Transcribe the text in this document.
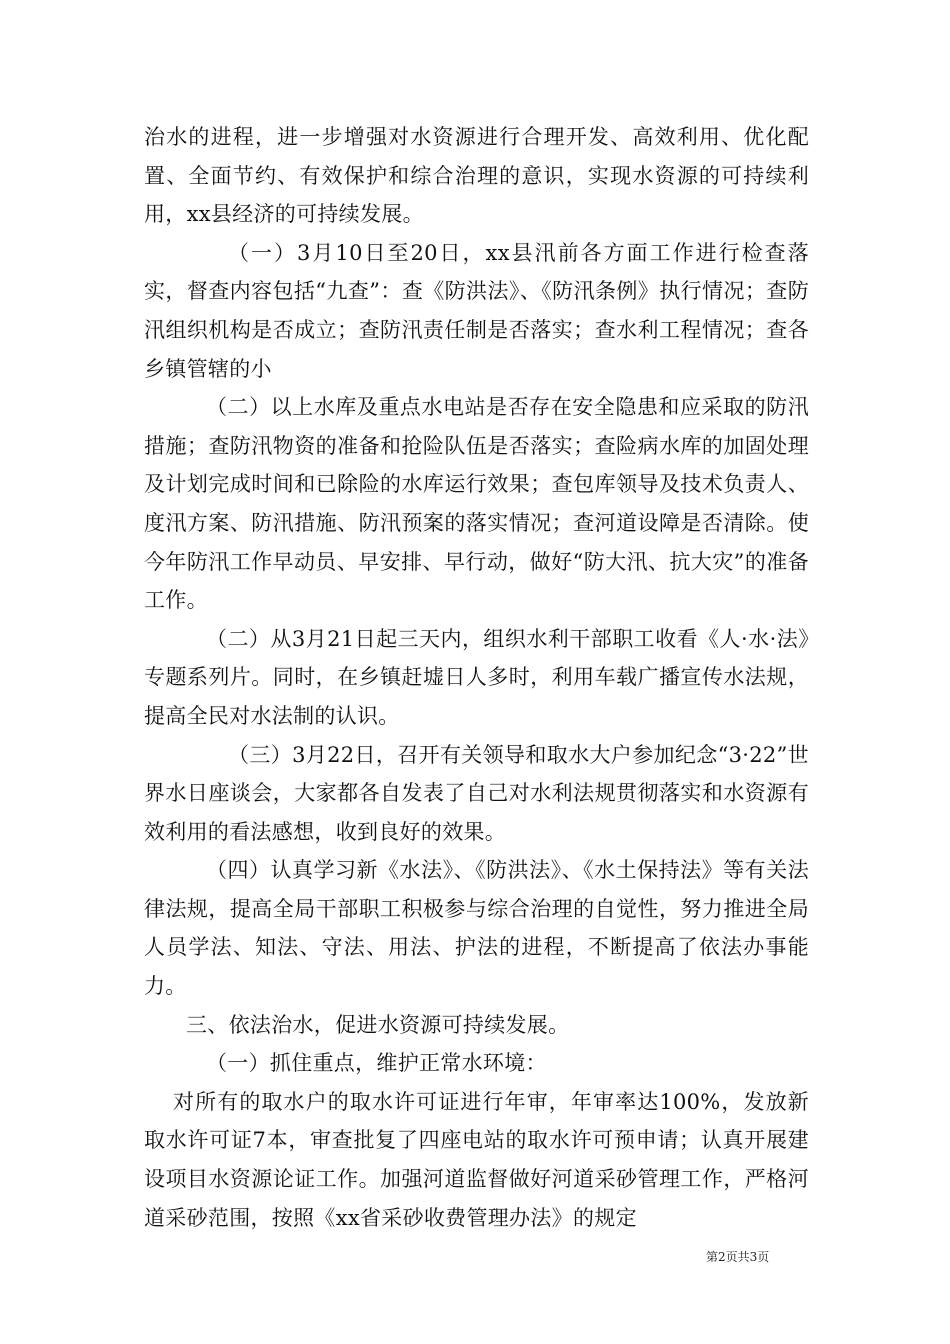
治水的进程，进一步增强对水资源进行合理开发、高效利用、优化配置、全面节约、有效保护和综合治理的意识，实现水资源的可持续利用，xx县经济的可持续发展。

（一）3月10日至20日，xx县汛前各方面工作进行检查落实，督查内容包括“九查”：查《防洪法》、《防汛条例》执行情况；查防汛组织机构是否成立；查防汛责任制是否落实；查水利工程情况；查各乡镇管辖的小

（二）以上水库及重点水电站是否存在安全隐患和应采取的防汛措施；查防汛物资的准备和抢险队伍是否落实；查险病水库的加固处理及计划完成时间和已除险的水库运行效果；查包库领导及技术负责人、度汛方案、防汛措施、防汛预案的落实情况；查河道设障是否清除。使今年防汛工作早动员、早安排、早行动，做好“防大汛、抗大灾”的准备工作。

（二）从3月21日起三天内，组织水利干部职工收看《人·水·法》专题系列片。同时，在乡镇赶墟日人多时，利用车载广播宣传水法规，提高全民对水法制的认识。

（三）3月22日，召开有关领导和取水大户参加纪念“3·22”世界水日座谈会，大家都各自发表了自己对水利法规贯彻落实和水资源有效利用的看法感想，收到良好的效果。

（四）认真学习新《水法》、《防洪法》、《水土保持法》等有关法律法规，提高全局干部职工积极参与综合治理的自觉性，努力推进全局人员学法、知法、守法、用法、护法的进程，不断提高了依法办事能力。

三、依法治水，促进水资源可持续发展。

（一）抓住重点，维护正常水环境：

对所有的取水户的取水许可证进行年审，年审率达100%，发放新取水许可证7本，审查批复了四座电站的取水许可预申请；认真开展建设项目水资源论证工作。加强河道监督做好河道采砂管理工作，严格河道采砂范围，按照《xx省采砂收费管理办法》的规定

第2页共3页
